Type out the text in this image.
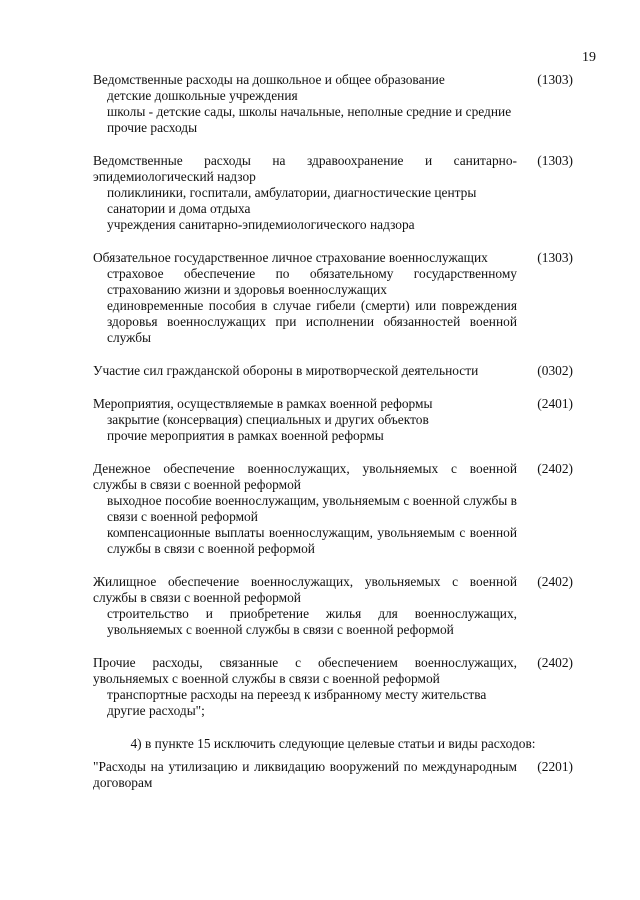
19

Ведомственные расходы на дошкольное и общее образование

детские дошкольные учреждения

школы - детские сады, школы начальные, неполные средние и средние

прочие расходы

(1303)

Ведомственные расходы на здравоохранение и санитарно-эпидемиологический надзор

поликлиники, госпитали, амбулатории, диагностические центры

санатории и дома отдыха

учреждения санитарно-эпидемиологического надзора

(1303)

Обязательное государственное личное страхование военнослужащих

страховое обеспечение по обязательному государственному страхованию жизни и здоровья военнослужащих

единовременные пособия в случае гибели (смерти) или повреждения здоровья военнослужащих при исполнении обязанностей военной службы

(1303)

Участие сил гражданской обороны в миротворческой деятельности	(0302)

Мероприятия, осуществляемые в рамках военной реформы

закрытие (консервация) специальных и других объектов

прочие мероприятия в рамках военной реформы

(2401)

Денежное обеспечение военнослужащих, увольняемых с военной службы в связи с военной реформой

выходное пособие военнослужащим, увольняемым с военной службы в связи с военной реформой

компенсационные выплаты военнослужащим, увольняемым с военной службы в связи с военной реформой

(2402)

Жилищное обеспечение военнослужащих, увольняемых с военной службы в связи с военной реформой

строительство и приобретение жилья для военнослужащих, увольняемых с военной службы в связи с военной реформой

(2402)

Прочие расходы, связанные с обеспечением военнослужащих, увольняемых с военной службы в связи с военной реформой

транспортные расходы на переезд к избранному месту жительства

другие расходы";

(2402)
4) в пункте 15 исключить следующие целевые статьи и виды расходов:

"Расходы на утилизацию и ликвидацию вооружений по международным договорам

(2201)
